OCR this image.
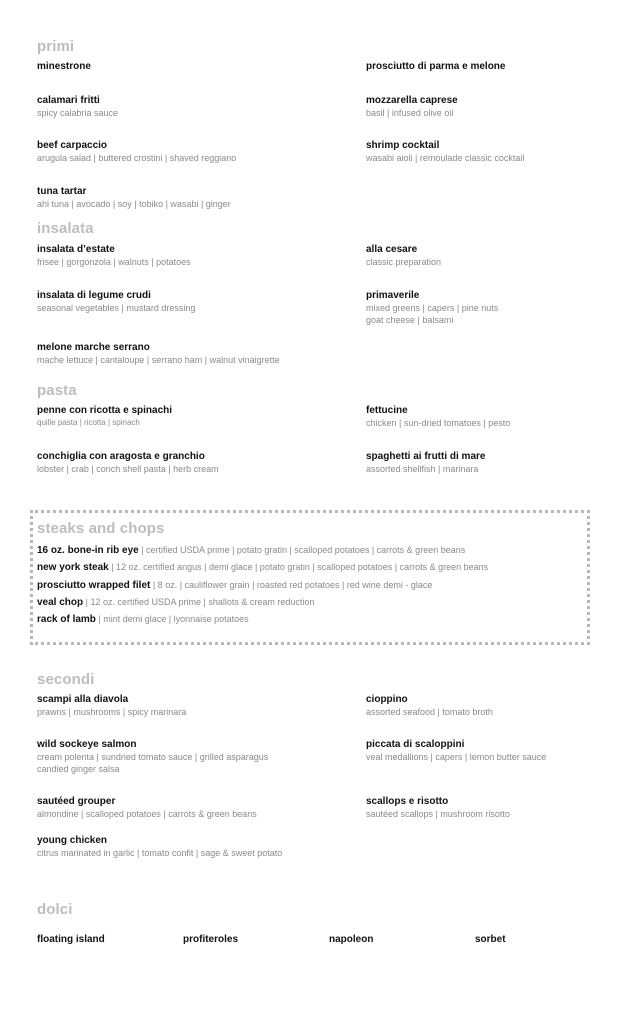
primi
minestrone	prosciutto di parma e melone
calamari fritti
spicy calabria sauce
mozzarella caprese
basil | infused olive oil
beef carpaccio
arugula salad | buttered crostini | shaved reggiano
shrimp cocktail
wasabi aioli | remoulade classic cocktail
tuna tartar
ahi tuna | avocado | soy | tobiko | wasabi | ginger
insalata
insalata d’estate
frisee | gorgonzola | walnuts | potatoes
alla cesare
classic preparation
insalata di legume crudi
seasonal vegetables | mustard dressing
primaverile
mixed greens | capers | pine nuts
goat cheese | balsami
melone marche serrano
mache lettuce | cantaloupe | serrano ham | walnut vinaigrette
pasta
penne con ricotta e spinachi
quille pasta | ricotta | spinach
fettucine
chicken | sun-dried tomatoes | pesto
conchiglia con aragosta e granchio
lobster | crab | conch shell pasta | herb cream
spaghetti ai frutti di mare
assorted shellfish | marinara
steaks and chops
16 oz. bone-in rib eye | certified USDA prime | potato gratin | scalloped potatoes | carrots & green beans
new york steak | 12 oz. certified angus | demi glace | potato gratin | scalloped potatoes | carrots & green beans
prosciutto wrapped filet | 8 oz. | cauliflower grain | roasted red potatoes | red wine demi - glace
veal chop | 12 oz. certified USDA prime | shallots & cream reduction
rack of lamb | mint demi glace | lyonnaise potatoes
secondi
scampi alla diavola
prawns | mushrooms | spicy marinara
cioppino
assorted seafood | tomato broth
wild sockeye salmon
cream polenta | sundried tomato sauce | grilled asparagus
candied ginger salsa
piccata di scaloppini
veal medallions | capers | lemon butter sauce
sautéed grouper
almondine | scalloped potatoes | carrots & green beans
scallops e risotto
sautéed scallops | mushroom risotto
young chicken
citrus marinated in garlic | tomato confit | sage & sweet potato
dolci
floating island	profiteroles	napoleon	sorbet
